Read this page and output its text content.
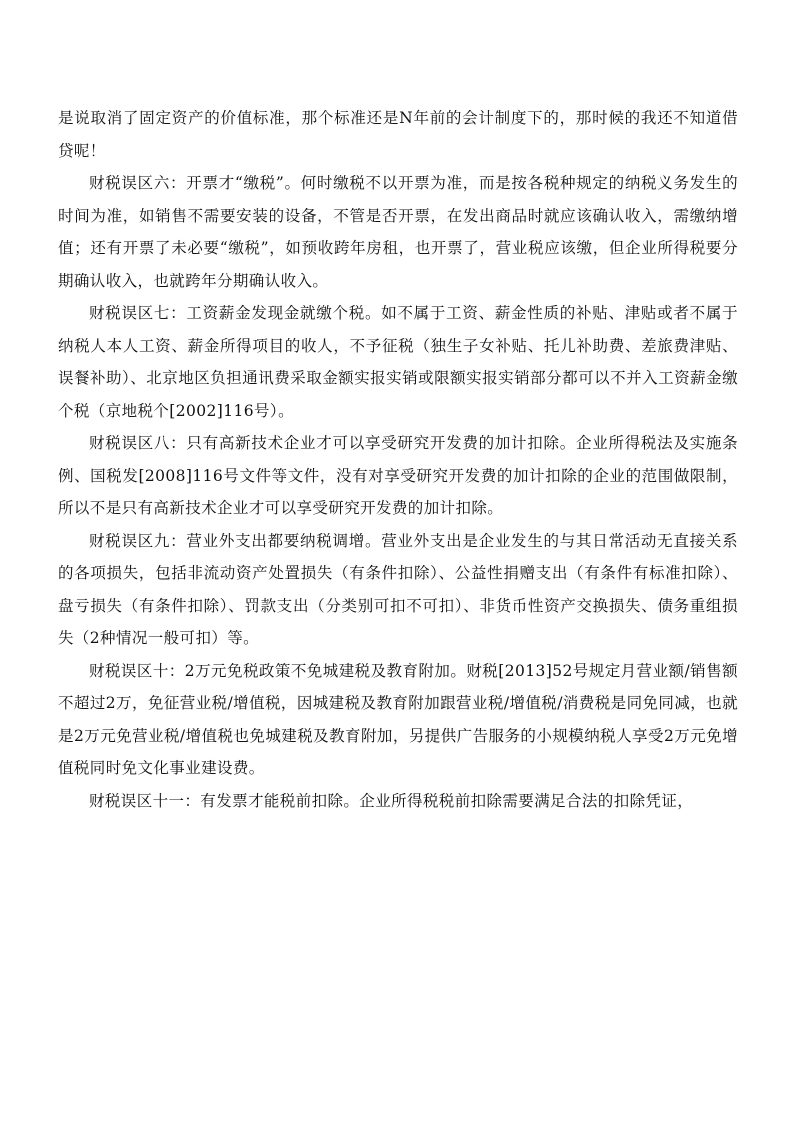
是说取消了固定资产的价值标准，那个标准还是N年前的会计制度下的，那时候的我还不知道借贷呢！

财税误区六：开票才“缴税”。何时缴税不以开票为准，而是按各税种规定的纳税义务发生的时间为准，如销售不需要安装的设备，不管是否开票，在发出商品时就应该确认收入，需缴纳增值；还有开票了未必要“缴税”，如预收跨年房租，也开票了，营业税应该缴，但企业所得税要分期确认收入，也就跨年分期确认收入。

财税误区七：工资薪金发现金就缴个税。如不属于工资、薪金性质的补贴、津贴或者不属于纳税人本人工资、薪金所得项目的收人，不予征税（独生子女补贴、托儿补助费、差旅费津贴、误餐补助）、北京地区负担通讯费采取金额实报实销或限额实报实销部分都可以不并入工资薪金缴个税（京地税个[2002]116号）。

财税误区八：只有高新技术企业才可以享受研究开发费的加计扣除。企业所得税法及实施条例、国税发[2008]116号文件等文件，没有对享受研究开发费的加计扣除的企业的范围做限制，所以不是只有高新技术企业才可以享受研究开发费的加计扣除。

财税误区九：营业外支出都要纳税调增。营业外支出是企业发生的与其日常活动无直接关系的各项损失，包括非流动资产处置损失（有条件扣除）、公益性捐赠支出（有条件有标准扣除）、盘亏损失（有条件扣除）、罚款支出（分类别可扣不可扣）、非货币性资产交换损失、债务重组损失（2种情况一般可扣）等。

财税误区十：2万元免税政策不免城建税及教育附加。财税[2013]52号规定月营业额/销售额不超过2万，免征营业税/增值税，因城建税及教育附加跟营业税/增值税/消费税是同免同减，也就是2万元免营业税/增值税也免城建税及教育附加，另提供广告服务的小规模纳税人享受2万元免增值税同时免文化事业建设费。

财税误区十一：有发票才能税前扣除。企业所得税税前扣除需要满足合法的扣除凭证，
